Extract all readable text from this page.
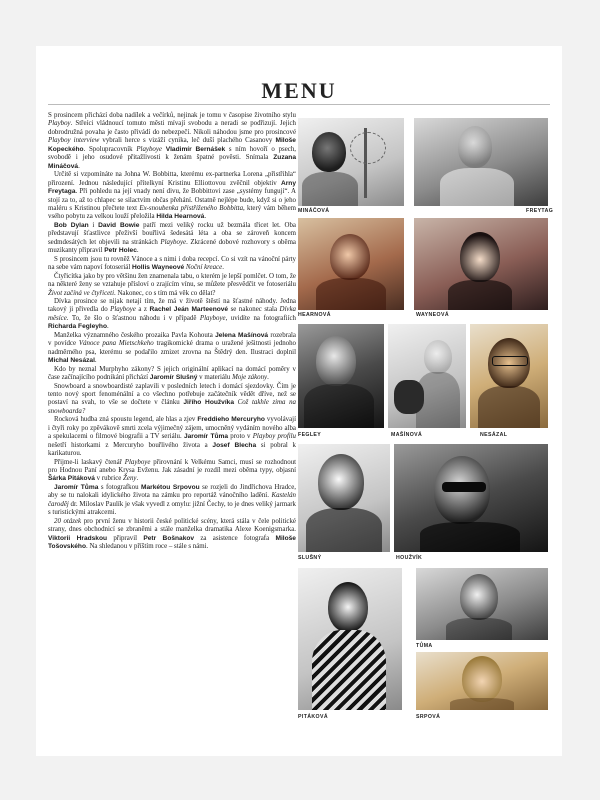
MENU

S prosincem přichází doba nadílek a večírků, nejinak je tomu v časopise životního stylu Playboy. Střeíci vládnoucí tomuto městi mívají svobodu a neradi se podřizují. Jejich dobrodružná povaha je často přivádí do nebezpečí. Nikoli náhodou jsme pro prosincové Playboy interview vybrali herce s vizáží cynika, leč duší plachého Casanovy Miloše Kopeckého. Spolupracovník Playboye Vladimír Bernášek s ním hovoří o psech, svobodě i jeho osudové přitažlivosti k ženám špatné pověsti. Snímala Zuzana Mináčová.

Určitě si vzpomínáte na Johna W. Bobbitta, kterému ex-partnerka Lorena „přistřihla“ přirození. Jednou následující přítelkyní Kristinu Elliottovou zvěčnil objektiv Arny Freytaga. Při pohledu na její vnady není divu, že Bobbittovi zase „systémy fungují“. A stojí za to, až to chlapec se silactvím občas přehání. Ostatně nejlépe bude, když si o jeho maléru s Kristinou přečtete text Ex-snoubenka přistřiženého Bobbitta, který vám během vsého pobytu za velkou louží přeložila Hilda Hearnová.

Bob Dylan i David Bowie patří mezi veliký rocku už bezmála třicet let. Oba představují šťastlivce přeživší bouřlivá šedesátá léta a oba se zároveň koncem sedmdesátých let objevili na stránkách Playboye. Zkrácené dobové rozhovory s oběma muzikanty připravil Petr Holec.

S prosincem jsou tu rovněž Vánoce a s nimi i doba recepcí. Co si vzít na vánoční párty na sebe vám napoví fotoseriál Hollis Wayneové Noční kreace.

Čtyřicítka jako by pro většinu žen znamenala tabu, o kterém je lepší pomlčet. O tom, že na některé ženy se vztahuje přísloví o zrajícím vínu, se můžete přesvědčit ve fotoseriálu Život začíná ve čtyřiceti. Nakonec, co s tím má věk co dělat?

Dívka prosince se nijak netají tím, že má v životě štěstí na šťastné náhody. Jedna takový ji přivedla do Playboye a z Rachel Jeán Marteenové se nakonec stala Dívka měsíce. To, že šlo o šťastnou náhodu i v případě Playboye, uvidíte na fotografiích Richarda Fegleyho.

Manželka významného českého prozaika Pavla Kohouta Jelena Mašínová rozebrala v povídce Vánoce pana Mietschkeho tragikomické drama o uražené ješitnosti jednoho nadměrného psa, kterému se podařilo zmizet zrovna na Štědrý den. Ilustraci doplnil Michal Nesázal.

Kdo by neznal Murphyho zákony? S jejich originální aplikací na domácí poměry v čase začínajícího podnikání přichází Jaromír Slušný v materiálu Moje zákony.

Snowboard a snowboardisté zaplavili v posledních letech i domácí sjezdovky. Čím je tento nový sport fenoménální a co všechno potřebuje začátečník vědět dříve, než se postaví na svah, to vše se dočtete v článku Jiřího Houžvíka Což takhle zima na snowboarda?

Rocková hudba zná spoustu legend, ale hlas a zjev Freddieho Mercuryho vyvolávají i čtyři roky po zpěvákově smrti zcela výjimečný zájem, umocněný vydáním nového alba a spekulacemi o filmové biografii a TV seriálu. Jaromír Tůma proto v Playboy profilu nešetří historkami z Mercuryho bouřlivého života a Josef Blecha si pobral k karikaturou.

Přijme-li laskavý čtenář Playboye přirovnání k Velkému Samci, musí se rozhodnout pro Hodnou Paní anebo Krysa Evženu. Jak zásadní je rozdíl mezi oběma typy, objasní Šárka Pitáková v rubrice Ženy.

Jaromír Tůma s fotografkou Markétou Srpovou se rozjeli do Jindřichova Hradce, aby se tu nalokali idylického života na zámku pro reportáž vánočního ladění. Kastelán čaroděj dr. Miloslav Paulík je však vyvedl z omylu: jižní Čechy, to je dnes veliký jarmark s turistickými atrakcemi.

20 otázek pro první ženu v historii české politické scény, která stála v čele politické strany, dnes obchodnicí se zbraněmi a stále manželka dramatika Alexe Koenigsmarka. Viktorii Hradskou připravil Petr Bošnakov za asistence fotografa Miloše Tošovského. Na shledanou v příštím roce – stále s námi.

MINÁČOVÁ	FREYTAG
HEARNOVÁ	WAYNEOVÁ
FEGLEY	MAŠÍNOVÁ	NESÁZAL
SLUŠNÝ	HOUŽVÍK
PITÁKOVÁ
TŮMA
SRPOVÁ
